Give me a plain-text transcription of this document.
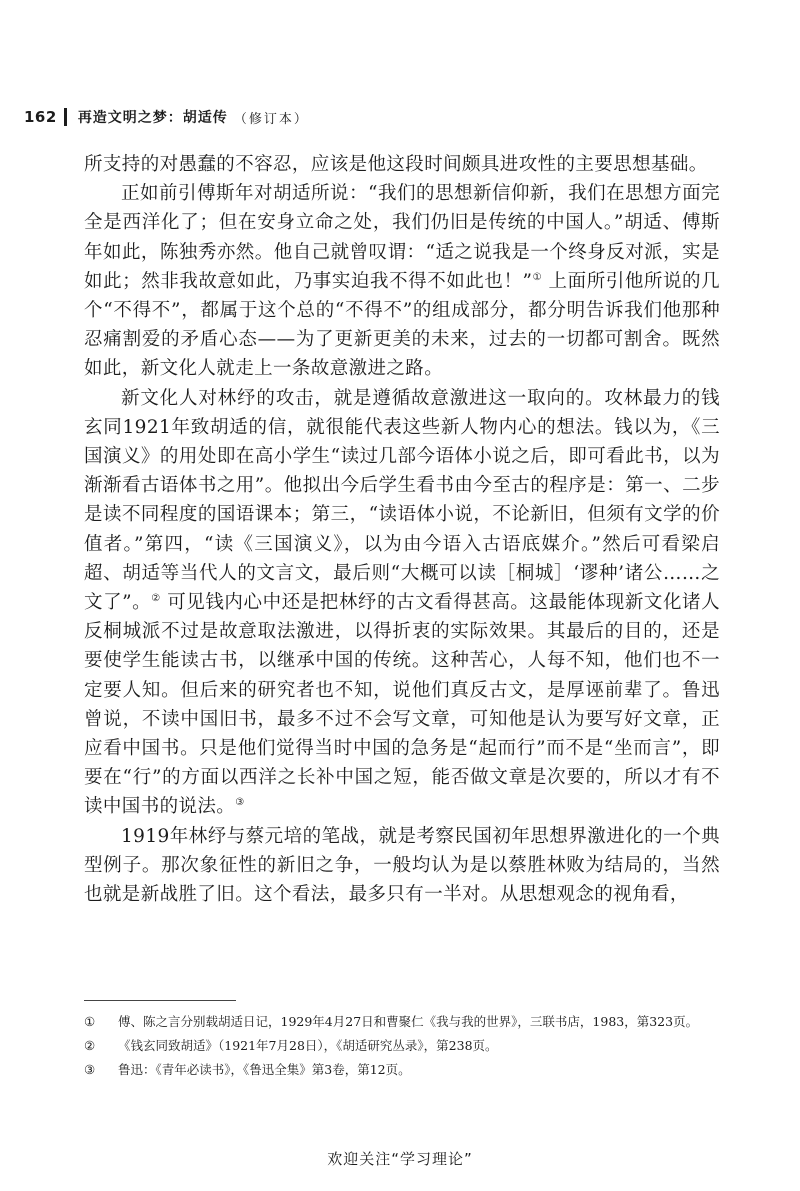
162 再造文明之梦：胡适传 （修订本）

所支持的对愚蠢的不容忍，应该是他这段时间颇具进攻性的主要思想基础。

正如前引傅斯年对胡适所说：“我们的思想新信仰新，我们在思想方面完全是西洋化了；但在安身立命之处，我们仍旧是传统的中国人。”胡适、傅斯年如此，陈独秀亦然。他自己就曾叹谓：“适之说我是一个终身反对派，实是如此；然非我故意如此，乃事实迫我不得不如此也！”① 上面所引他所说的几个“不得不”，都属于这个总的“不得不”的组成部分，都分明告诉我们他那种忍痛割爱的矛盾心态——为了更新更美的未来，过去的一切都可割舍。既然如此，新文化人就走上一条故意激进之路。

新文化人对林纾的攻击，就是遵循故意激进这一取向的。攻林最力的钱玄同1921年致胡适的信，就很能代表这些新人物内心的想法。钱以为，《三国演义》的用处即在高小学生“读过几部今语体小说之后，即可看此书，以为渐渐看古语体书之用”。他拟出今后学生看书由今至古的程序是：第一、二步是读不同程度的国语课本；第三，“读语体小说，不论新旧，但须有文学的价值者。”第四，“读《三国演义》，以为由今语入古语底媒介。”然后可看梁启超、胡适等当代人的文言文，最后则“大概可以读［桐城］‘谬种’诸公……之文了”。② 可见钱内心中还是把林纾的古文看得甚高。这最能体现新文化诸人反桐城派不过是故意取法激进，以得折衷的实际效果。其最后的目的，还是要使学生能读古书，以继承中国的传统。这种苦心，人每不知，他们也不一定要人知。但后来的研究者也不知，说他们真反古文，是厚诬前辈了。鲁迅曾说，不读中国旧书，最多不过不会写文章，可知他是认为要写好文章，正应看中国书。只是他们觉得当时中国的急务是“起而行”而不是“坐而言”，即要在“行”的方面以西洋之长补中国之短，能否做文章是次要的，所以才有不读中国书的说法。③

1919年林纾与蔡元培的笔战，就是考察民国初年思想界激进化的一个典型例子。那次象征性的新旧之争，一般均认为是以蔡胜林败为结局的，当然也就是新战胜了旧。这个看法，最多只有一半对。从思想观念的视角看，

①	傅、陈之言分别载胡适日记，1929年4月27日和曹聚仁《我与我的世界》，三联书店，1983，第323页。
②	《钱玄同致胡适》（1921年7月28日），《胡适研究丛录》，第238页。
③	鲁迅：《青年必读书》，《鲁迅全集》第3卷，第12页。
欢迎关注“学习理论”
